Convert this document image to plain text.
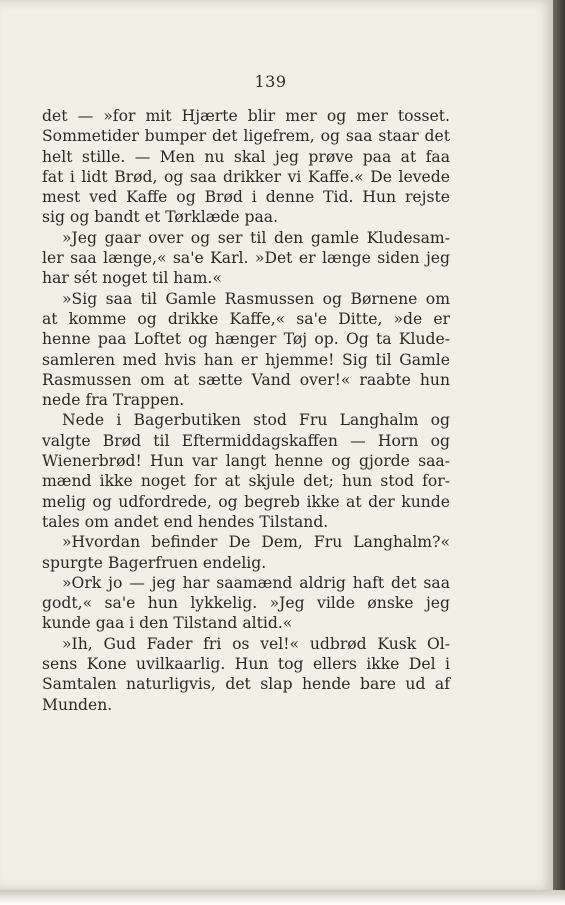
139
det — »for mit Hjærte blir mer og mer tosset.
Sommetider bumper det ligefrem, og saa staar det
helt stille. — Men nu skal jeg prøve paa at faa
fat i lidt Brød, og saa drikker vi Kaffe.« De levede
mest ved Kaffe og Brød i denne Tid. Hun rejste
sig og bandt et Tørklæde paa.
»Jeg gaar over og ser til den gamle Kludesam-
ler saa længe,« sa'e Karl. »Det er længe siden jeg
har sét noget til ham.«
»Sig saa til Gamle Rasmussen og Børnene om
at komme og drikke Kaffe,« sa'e Ditte, »de er
henne paa Loftet og hænger Tøj op. Og ta Klude-
samleren med hvis han er hjemme! Sig til Gamle
Rasmussen om at sætte Vand over!« raabte hun
nede fra Trappen.
Nede i Bagerbutiken stod Fru Langhalm og
valgte Brød til Eftermiddagskaffen — Horn og
Wienerbrød! Hun var langt henne og gjorde saa-
mænd ikke noget for at skjule det; hun stod for-
melig og udfordrede, og begreb ikke at der kunde
tales om andet end hendes Tilstand.
»Hvordan befinder De Dem, Fru Langhalm?«
spurgte Bagerfruen endelig.
»Ork jo — jeg har saamænd aldrig haft det saa
godt,« sa'e hun lykkelig. »Jeg vilde ønske jeg
kunde gaa i den Tilstand altid.«
»Ih, Gud Fader fri os vel!« udbrød Kusk Ol-
sens Kone uvilkaarlig. Hun tog ellers ikke Del i
Samtalen naturligvis, det slap hende bare ud af
Munden.
